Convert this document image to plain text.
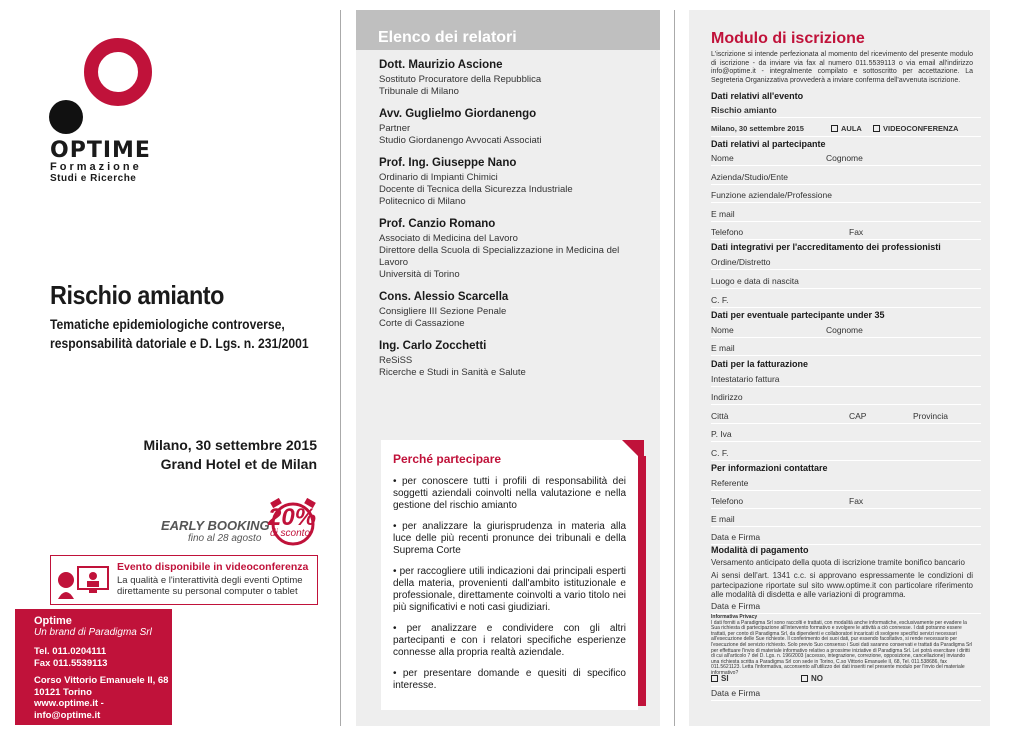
OPTIME
Formazione
Studi e Ricerche
Rischio amianto
Tematiche epidemiologiche controverse, responsabilità datoriale e D. Lgs. n. 231/2001
Milano, 30 settembre 2015
Grand Hotel et de Milan
EARLY BOOKING
fino al 28 agosto
20%
di sconto
Evento disponibile in videoconferenza
La qualità e l'interattività degli eventi Optime direttamente su personal computer o tablet
Optime
Un brand di Paradigma Srl
Tel. 011.0204111
Fax 011.5539113
Corso Vittorio Emanuele II, 68
10121 Torino
www.optime.it - info@optime.it
Elenco dei relatori
Dott. Maurizio Ascione
Sostituto Procuratore della Repubblica
Tribunale di Milano
Avv. Guglielmo Giordanengo
Partner
Studio Giordanengo Avvocati Associati
Prof. Ing. Giuseppe Nano
Ordinario di Impianti Chimici
Docente di Tecnica della Sicurezza Industriale
Politecnico di Milano
Prof. Canzio Romano
Associato di Medicina del Lavoro
Direttore della Scuola di Specializzazione in Medicina del Lavoro
Università di Torino
Cons. Alessio Scarcella
Consigliere III Sezione Penale
Corte di Cassazione
Ing. Carlo Zocchetti
ReSiSS
Ricerche e Studi in Sanità e Salute
Perché partecipare
• per conoscere tutti i profili di responsabilità dei soggetti aziendali coinvolti nella valutazione e nella gestione del rischio amianto
• per analizzare la giurisprudenza in materia alla luce delle più recenti pronunce dei tribunali e della Suprema Corte
• per raccogliere utili indicazioni dai principali esperti della materia, provenienti dall'ambito istituzionale e professionale, direttamente coinvolti a vario titolo nei più significativi e noti casi giudiziari.
• per analizzare e condividere con gli altri partecipanti e con i relatori specifiche esperienze connesse alla propria realtà aziendale.
• per presentare domande e quesiti di specifico interesse.
Modulo di iscrizione
L'iscrizione si intende perfezionata al momento del ricevimento del presente modulo di iscrizione - da inviare via fax al numero 011.5539113 o via email all'indirizzo info@optime.it - integralmente compilato e sottoscritto per accettazione. La Segreteria Organizzativa provvederà a inviare conferma dell'avvenuta iscrizione.
Dati relativi all'evento
Rischio amianto
Milano, 30 settembre 2015	AULA	VIDEOCONFERENZA
Dati relativi al partecipante
Nome	Cognome
Azienda/Studio/Ente
Funzione aziendale/Professione
E mail
Telefono	Fax
Dati integrativi per l'accreditamento dei professionisti
Ordine/Distretto
Luogo e data di nascita
C. F.
Dati per eventuale partecipante under 35
Nome	Cognome
E mail
Dati per la fatturazione
Intestatario fattura
Indirizzo
Città	CAP	Provincia
P. Iva
C. F.
Per informazioni contattare
Referente
Telefono	Fax
E mail
Data e Firma
Modalità di pagamento
Versamento anticipato della quota di iscrizione tramite bonifico bancario
Ai sensi dell'art. 1341 c.c. si approvano espressamente le condizioni di partecipazione riportate sul sito www.optime.it con particolare riferimento alle modalità di disdetta e alle variazioni di programma.
Data e Firma
Informativa Privacy
I dati forniti a Paradigma Srl sono raccolti e trattati, con modalità anche informatiche, esclusivamente per evadere la Sua richiesta di partecipazione all'intervento formativo e svolgere le attività a ciò connesse. I dati potranno essere trattati, per conto di Paradigma Srl, da dipendenti e collaboratori incaricati di svolgere specifici servizi necessari all'esecuzione delle Sue richieste. Il conferimento dei suoi dati, pur essendo facoltativo, si rende necessario per l'esecuzione del servizio richiesto. Solo previo Suo consenso i Suoi dati saranno conservati e trattati da Paradigma Srl per effettuare l'invio di materiale informativo relativo a prossime iniziative di Paradigma Srl. Lei potrà esercitare i diritti di cui all'articolo 7 del D. Lgs. n. 196/2003 (accesso, integrazione, correzione, opposizione, cancellazione) inviando una richiesta scritta a Paradigma Srl con sede in Torino, C.so Vittorio Emanuele II, 68, Tel. 011.538686, fax 011.5621123. Letta l'informativa, acconsento all'utilizzo dei dati inseriti nel presente modulo per l'invio del materiale informativo?
SI	NO
Data e Firma
